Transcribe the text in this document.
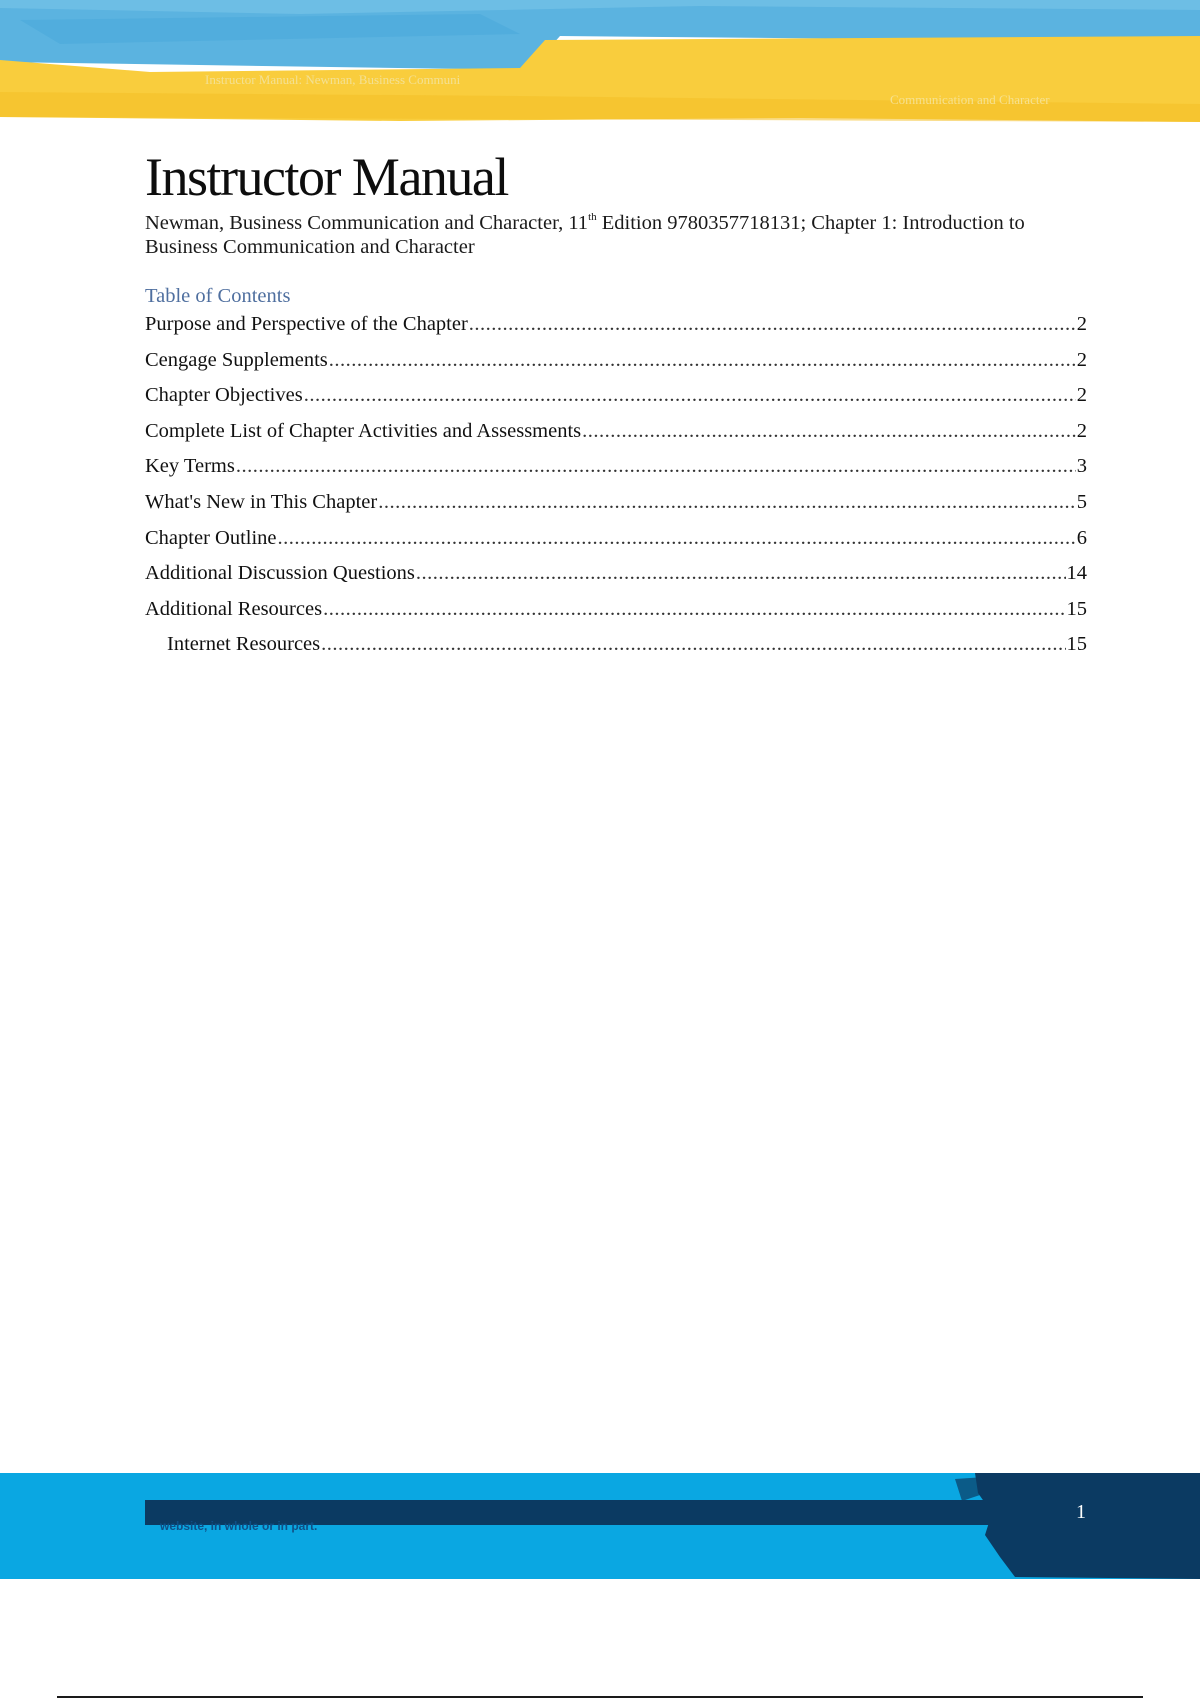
Instructor Manual: Newman, Business Communi
Communication and Character
Instructor Manual
Newman, Business Communication and Character, 11th Edition 9780357718131; Chapter 1: Introduction to Business Communication and Character
Table of Contents
Purpose and Perspective of the Chapter .....	2
Cengage Supplements .....	2
Chapter Objectives .....	2
Complete List of Chapter Activities and Assessments .....	2
Key Terms .....	3
What's New in This Chapter .....	5
Chapter Outline .....	6
Additional Discussion Questions .....	14
Additional Resources .....	15
Internet Resources .....	15
website, in whole or in part.
1
